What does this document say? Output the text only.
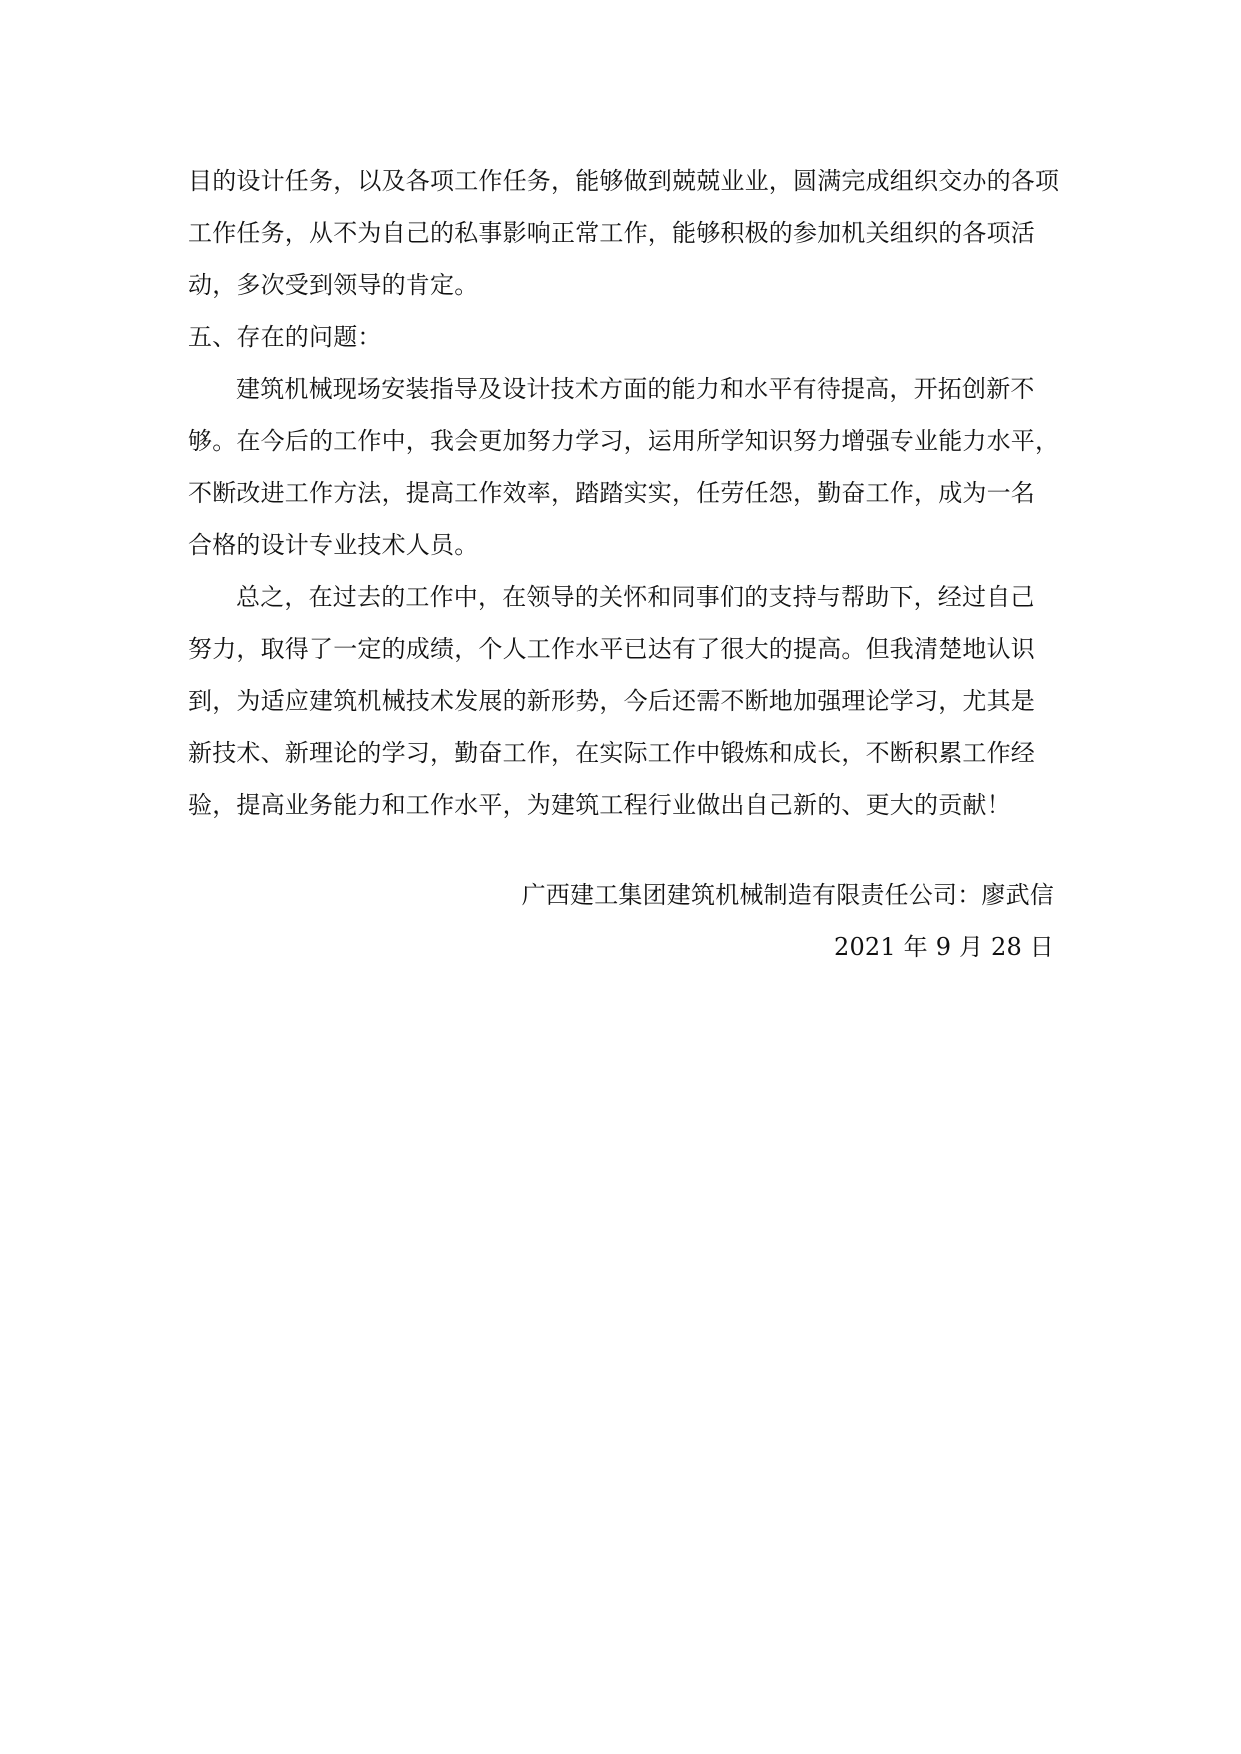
目的设计任务，以及各项工作任务，能够做到兢兢业业，圆满完成组织交办的各项
工作任务，从不为自己的私事影响正常工作，能够积极的参加机关组织的各项活
动，多次受到领导的肯定。
五、存在的问题：
建筑机械现场安装指导及设计技术方面的能力和水平有待提高，开拓创新不
够。在今后的工作中，我会更加努力学习，运用所学知识努力增强专业能力水平，
不断改进工作方法，提高工作效率，踏踏实实，任劳任怨，勤奋工作，成为一名
合格的设计专业技术人员。
总之，在过去的工作中，在领导的关怀和同事们的支持与帮助下，经过自己
努力，取得了一定的成绩，个人工作水平已达有了很大的提高。但我清楚地认识
到，为适应建筑机械技术发展的新形势，今后还需不断地加强理论学习，尤其是
新技术、新理论的学习，勤奋工作，在实际工作中锻炼和成长，不断积累工作经
验，提高业务能力和工作水平，为建筑工程行业做出自己新的、更大的贡献！
广西建工集团建筑机械制造有限责任公司：廖武信
2021 年 9 月 28 日
